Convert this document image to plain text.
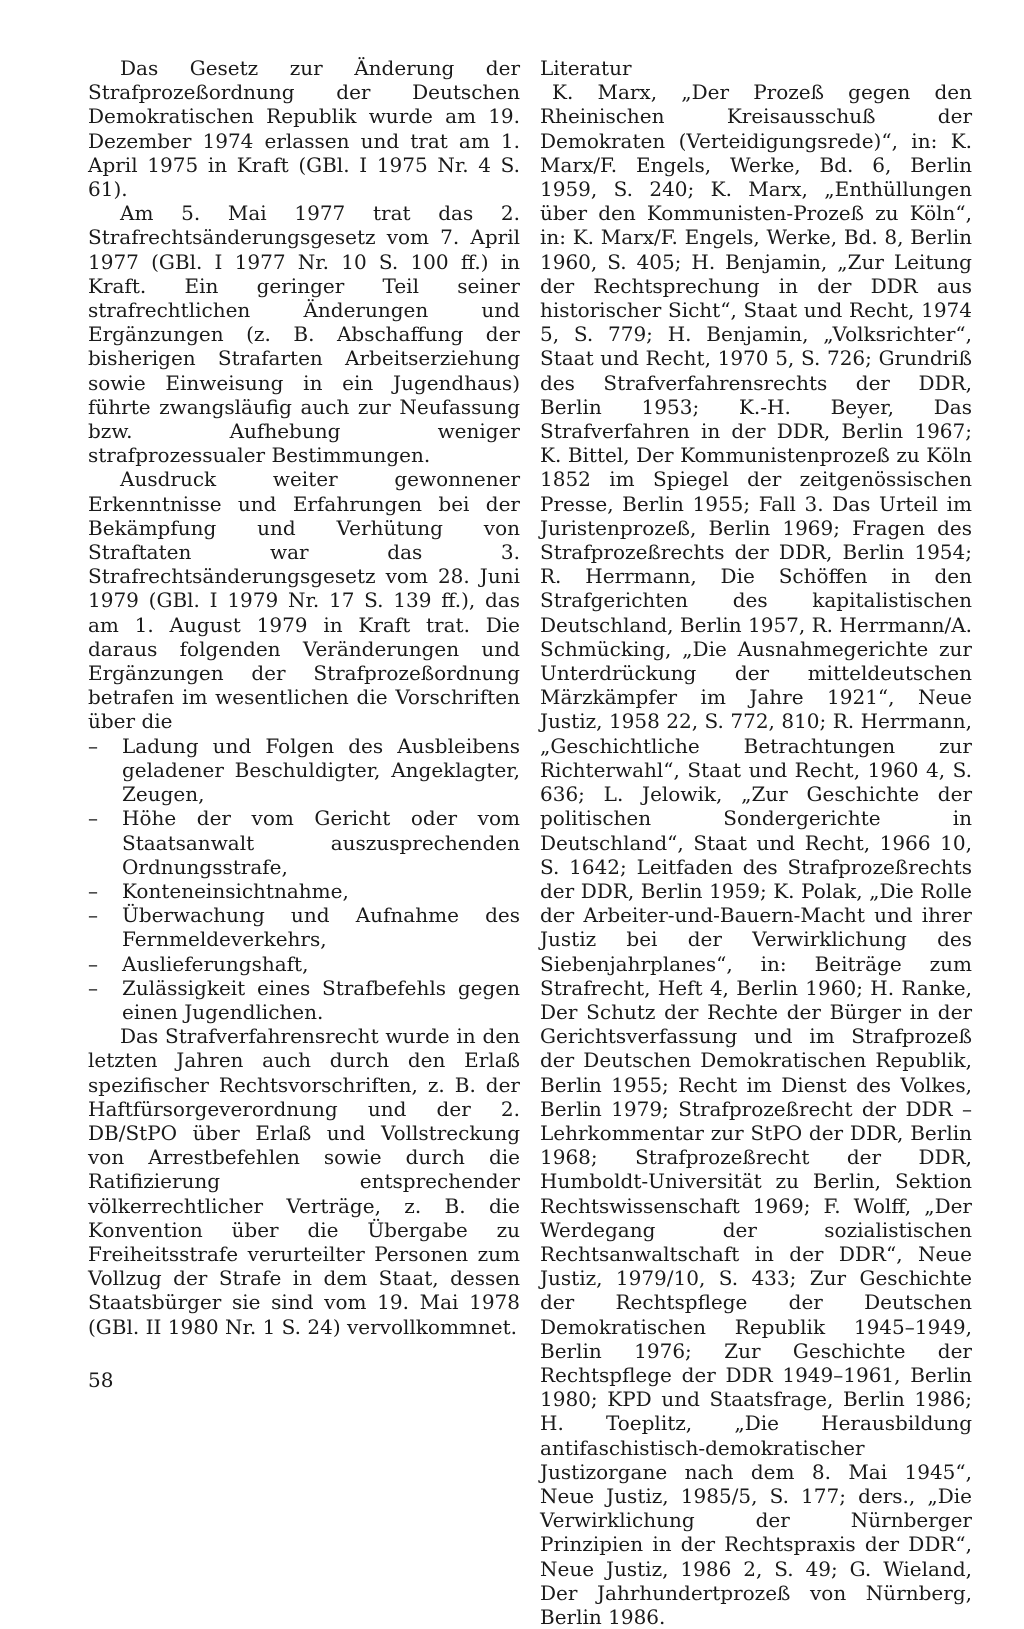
Das Gesetz zur Änderung der Strafprozeßordnung der Deutschen Demokratischen Republik wurde am 19. Dezember 1974 erlassen und trat am 1. April 1975 in Kraft (GBl. I 1975 Nr. 4 S. 61).

Am 5. Mai 1977 trat das 2. Strafrechtsänderungsgesetz vom 7. April 1977 (GBl. I 1977 Nr. 10 S. 100 ff.) in Kraft. Ein geringer Teil seiner strafrechtlichen Änderungen und Ergänzungen (z. B. Abschaffung der bisherigen Strafarten Arbeitserziehung sowie Einweisung in ein Jugendhaus) führte zwangsläufig auch zur Neufassung bzw. Aufhebung weniger strafprozessualer Bestimmungen.

Ausdruck weiter gewonnener Erkenntnisse und Erfahrungen bei der Bekämpfung und Verhütung von Straftaten war das 3. Strafrechtsänderungsgesetz vom 28. Juni 1979 (GBl. I 1979 Nr. 17 S. 139 ff.), das am 1. August 1979 in Kraft trat. Die daraus folgenden Veränderungen und Ergänzungen der Strafprozeßordnung betrafen im wesentlichen die Vorschriften über die

– Ladung und Folgen des Ausbleibens geladener Beschuldigter, Angeklagter, Zeugen,
– Höhe der vom Gericht oder vom Staatsanwalt auszusprechenden Ordnungsstrafe,
– Konteneinsichtnahme,
– Überwachung und Aufnahme des Fernmeldeverkehrs,
– Auslieferungshaft,
– Zulässigkeit eines Strafbefehls gegen einen Jugendlichen.

Das Strafverfahrensrecht wurde in den letzten Jahren auch durch den Erlaß spezifischer Rechtsvorschriften, z. B. der Haftfürsorgeverordnung und der 2. DB/StPO über Erlaß und Vollstreckung von Arrestbefehlen sowie durch die Ratifizierung entsprechender völkerrechtlicher Verträge, z. B. die Konvention über die Übergabe zu Freiheitsstrafe verurteilter Personen zum Vollzug der Strafe in dem Staat, dessen Staatsbürger sie sind vom 19. Mai 1978 (GBl. II 1980 Nr. 1 S. 24) vervollkommnet.

Literatur

K. Marx, „Der Prozeß gegen den Rheinischen Kreisausschuß der Demokraten (Verteidigungsrede)“, in: K. Marx/F. Engels, Werke, Bd. 6, Berlin 1959, S. 240; K. Marx, „Enthüllungen über den Kommunisten-Prozeß zu Köln“, in: K. Marx/F. Engels, Werke, Bd. 8, Berlin 1960, S. 405; H. Benjamin, „Zur Leitung der Rechtsprechung in der DDR aus historischer Sicht“, Staat und Recht, 1974 5, S. 779; H. Benjamin, „Volksrichter“, Staat und Recht, 1970 5, S. 726; Grundriß des Strafverfahrensrechts der DDR, Berlin 1953; K.-H. Beyer, Das Strafverfahren in der DDR, Berlin 1967; K. Bittel, Der Kommunistenprozeß zu Köln 1852 im Spiegel der zeitgenössischen Presse, Berlin 1955; Fall 3. Das Urteil im Juristenprozeß, Berlin 1969; Fragen des Strafprozeßrechts der DDR, Berlin 1954; R. Herrmann, Die Schöffen in den Strafgerichten des kapitalistischen Deutschland, Berlin 1957, R. Herrmann/A. Schmücking, „Die Ausnahmegerichte zur Unterdrückung der mitteldeutschen Märzkämpfer im Jahre 1921“, Neue Justiz, 1958 22, S. 772, 810; R. Herrmann, „Geschichtliche Betrachtungen zur Richterwahl“, Staat und Recht, 1960 4, S. 636; L. Jelowik, „Zur Geschichte der politischen Sondergerichte in Deutschland“, Staat und Recht, 1966 10, S. 1642; Leitfaden des Strafprozeßrechts der DDR, Berlin 1959; K. Polak, „Die Rolle der Arbeiter-und-Bauern-Macht und ihrer Justiz bei der Verwirklichung des Siebenjahrplanes“, in: Beiträge zum Strafrecht, Heft 4, Berlin 1960; H. Ranke, Der Schutz der Rechte der Bürger in der Gerichtsverfassung und im Strafprozeß der Deutschen Demokratischen Republik, Berlin 1955; Recht im Dienst des Volkes, Berlin 1979; Strafprozeßrecht der DDR – Lehrkommentar zur StPO der DDR, Berlin 1968; Strafprozeßrecht der DDR, Humboldt-Universität zu Berlin, Sektion Rechtswissenschaft 1969; F. Wolff, „Der Werdegang der sozialistischen Rechtsanwaltschaft in der DDR“, Neue Justiz, 1979/10, S. 433; Zur Geschichte der Rechtspflege der Deutschen Demokratischen Republik 1945–1949, Berlin 1976; Zur Geschichte der Rechtspflege der DDR 1949–1961, Berlin 1980; KPD und Staatsfrage, Berlin 1986; H. Toeplitz, „Die Herausbildung antifaschistisch-demokratischer Justizorgane nach dem 8. Mai 1945“, Neue Justiz, 1985/5, S. 177; ders., „Die Verwirklichung der Nürnberger Prinzipien in der Rechtspraxis der DDR“, Neue Justiz, 1986 2, S. 49; G. Wieland, Der Jahrhundertprozeß von Nürnberg, Berlin 1986.

58
